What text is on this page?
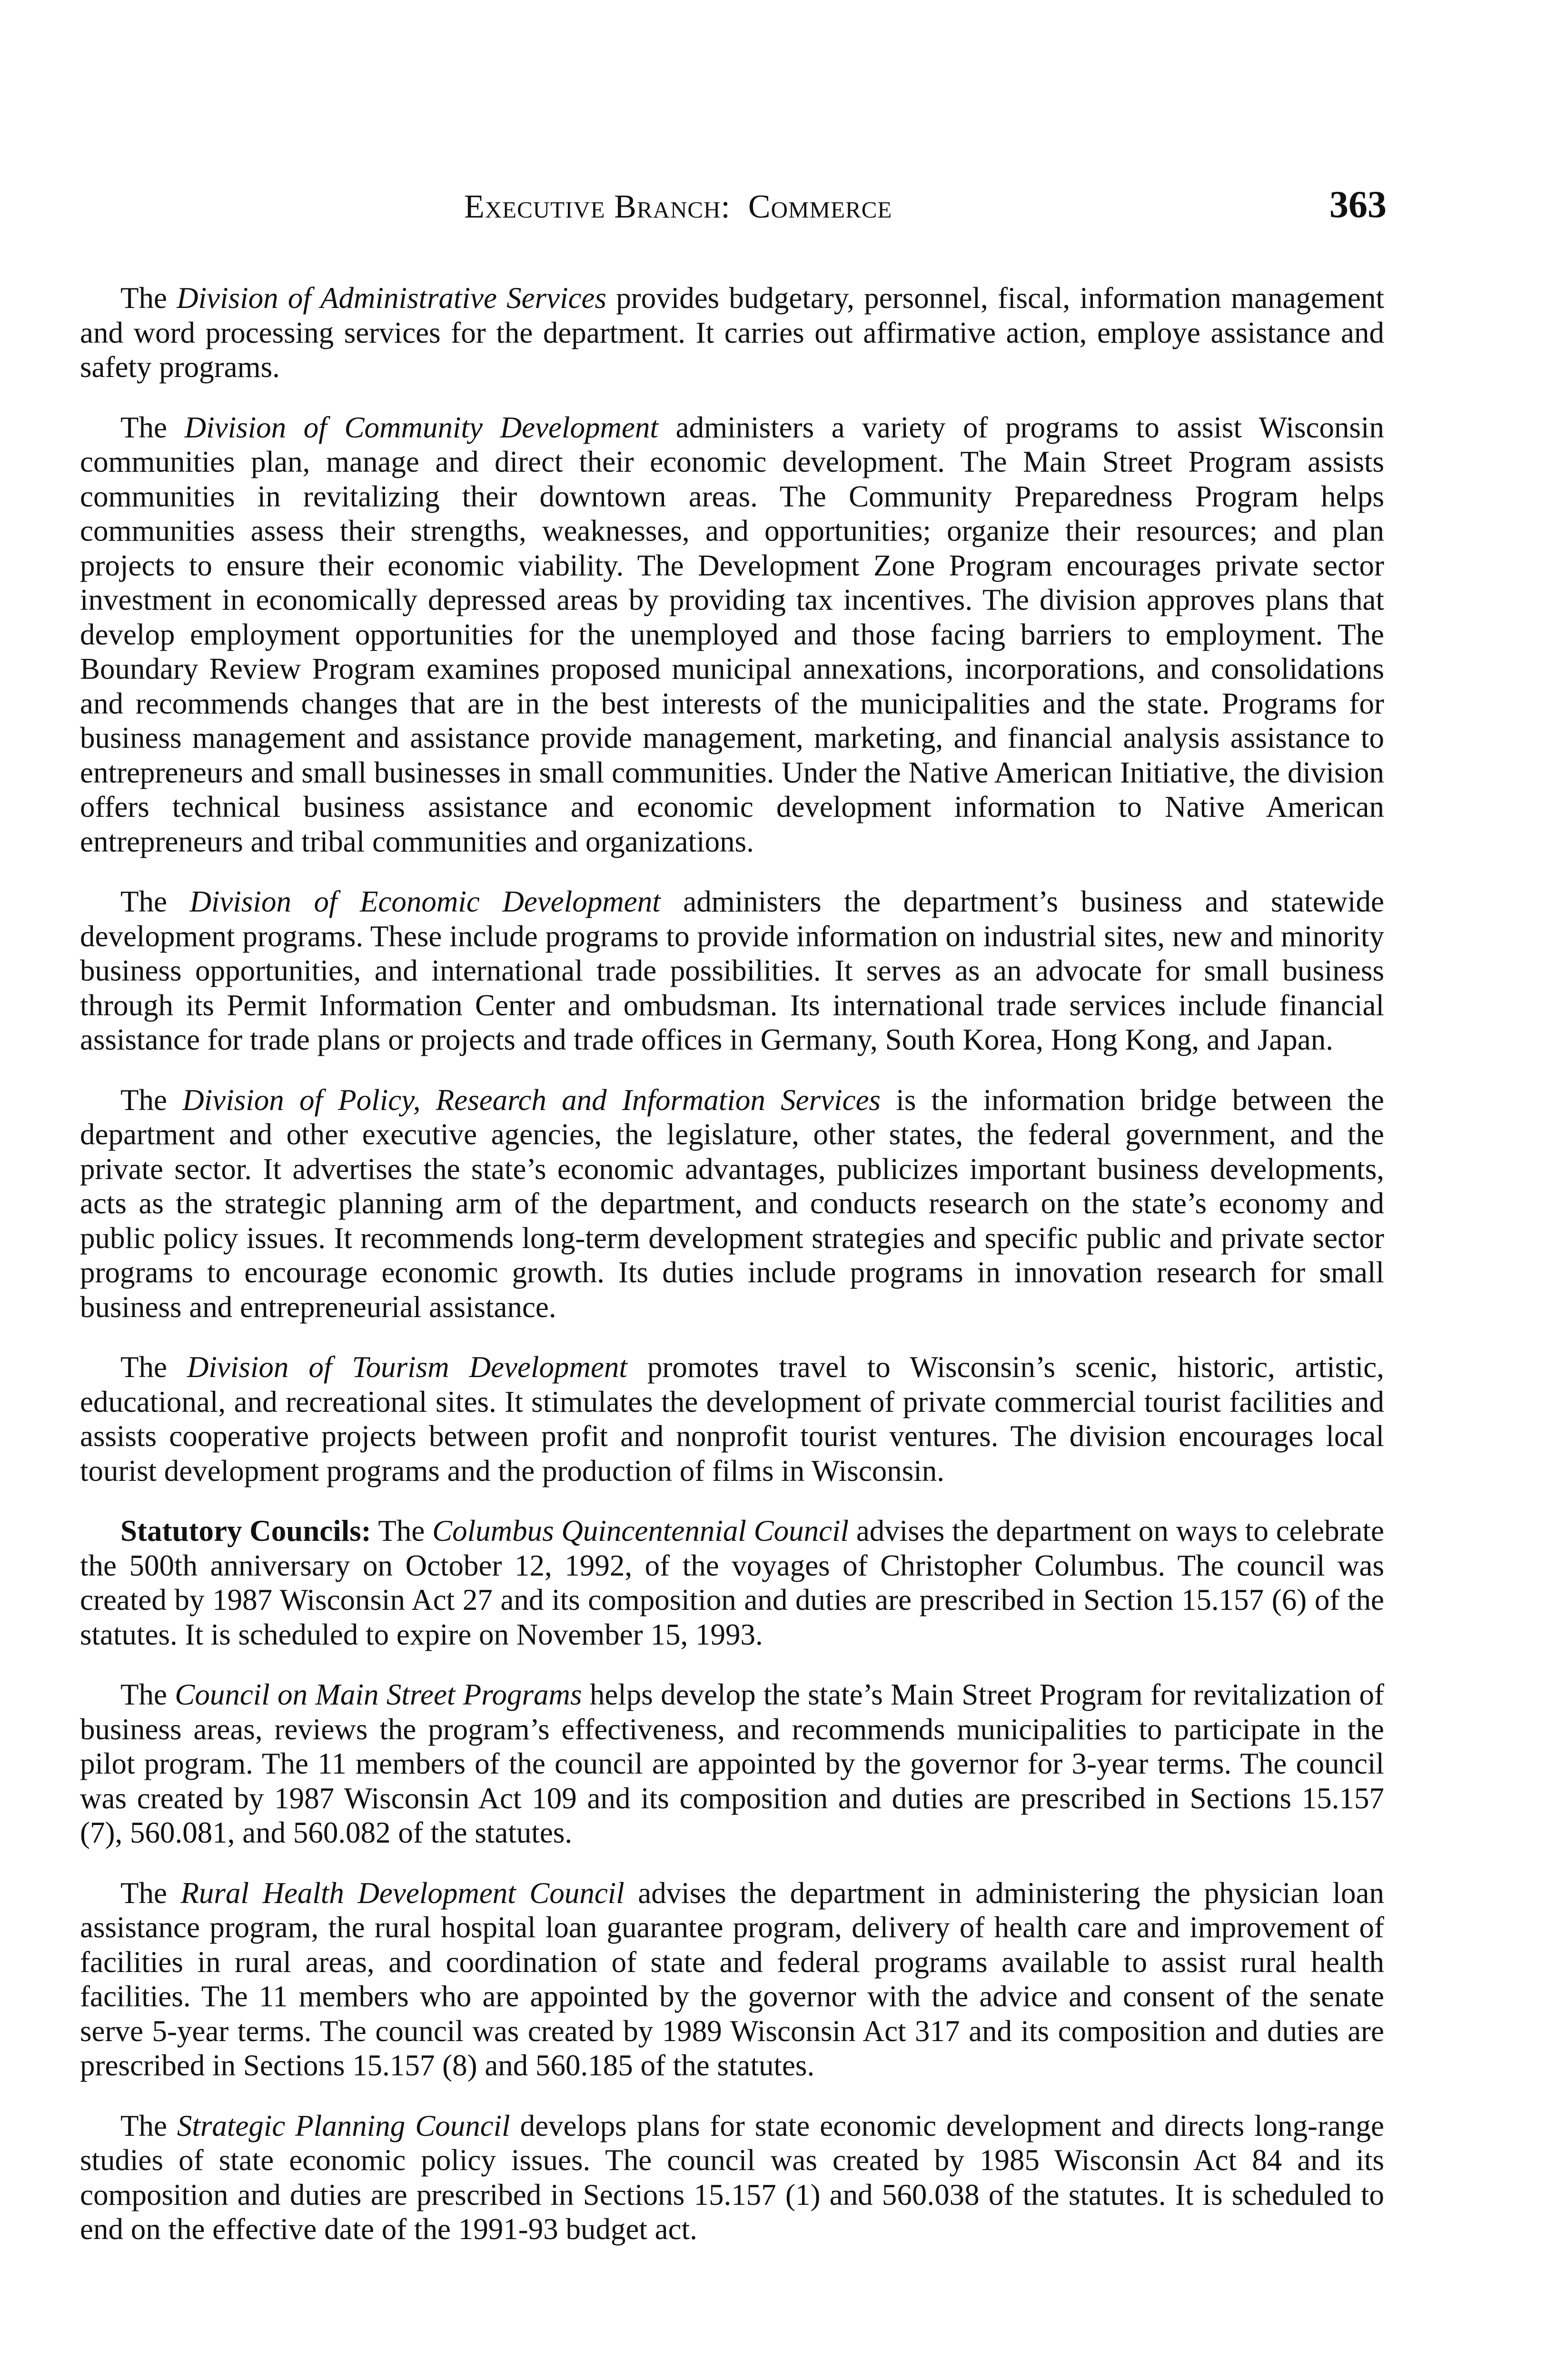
Executive Branch: Commerce	363

The Division of Administrative Services provides budgetary, personnel, fiscal, information management and word processing services for the department. It carries out affirmative action, employe assistance and safety programs.

The Division of Community Development administers a variety of programs to assist Wisconsin communities plan, manage and direct their economic development. The Main Street Program assists communities in revitalizing their downtown areas. The Community Preparedness Program helps communities assess their strengths, weaknesses, and opportunities; organize their resources; and plan projects to ensure their economic viability. The Development Zone Program encourages private sector investment in economically depressed areas by providing tax incentives. The division approves plans that develop employment opportunities for the unemployed and those facing barriers to employment. The Boundary Review Program examines proposed municipal annexations, incorporations, and consolidations and recommends changes that are in the best interests of the municipalities and the state. Programs for business management and assistance provide management, marketing, and financial analysis assistance to entrepreneurs and small businesses in small communities. Under the Native American Initiative, the division offers technical business assistance and economic development information to Native American entrepreneurs and tribal communities and organizations.

The Division of Economic Development administers the department’s business and statewide development programs. These include programs to provide information on industrial sites, new and minority business opportunities, and international trade possibilities. It serves as an advocate for small business through its Permit Information Center and ombudsman. Its international trade services include financial assistance for trade plans or projects and trade offices in Germany, South Korea, Hong Kong, and Japan.

The Division of Policy, Research and Information Services is the information bridge between the department and other executive agencies, the legislature, other states, the federal government, and the private sector. It advertises the state’s economic advantages, publicizes important business developments, acts as the strategic planning arm of the department, and conducts research on the state’s economy and public policy issues. It recommends long-term development strategies and specific public and private sector programs to encourage economic growth. Its duties include programs in innovation research for small business and entrepreneurial assistance.

The Division of Tourism Development promotes travel to Wisconsin’s scenic, historic, artistic, educational, and recreational sites. It stimulates the development of private commercial tourist facilities and assists cooperative projects between profit and nonprofit tourist ventures. The division encourages local tourist development programs and the production of films in Wisconsin.

Statutory Councils: The Columbus Quincentennial Council advises the department on ways to celebrate the 500th anniversary on October 12, 1992, of the voyages of Christopher Columbus. The council was created by 1987 Wisconsin Act 27 and its composition and duties are prescribed in Section 15.157 (6) of the statutes. It is scheduled to expire on November 15, 1993.

The Council on Main Street Programs helps develop the state’s Main Street Program for revitalization of business areas, reviews the program’s effectiveness, and recommends municipalities to participate in the pilot program. The 11 members of the council are appointed by the governor for 3-year terms. The council was created by 1987 Wisconsin Act 109 and its composition and duties are prescribed in Sections 15.157 (7), 560.081, and 560.082 of the statutes.

The Rural Health Development Council advises the department in administering the physician loan assistance program, the rural hospital loan guarantee program, delivery of health care and improvement of facilities in rural areas, and coordination of state and federal programs available to assist rural health facilities. The 11 members who are appointed by the governor with the advice and consent of the senate serve 5-year terms. The council was created by 1989 Wisconsin Act 317 and its composition and duties are prescribed in Sections 15.157 (8) and 560.185 of the statutes.

The Strategic Planning Council develops plans for state economic development and directs long-range studies of state economic policy issues. The council was created by 1985 Wisconsin Act 84 and its composition and duties are prescribed in Sections 15.157 (1) and 560.038 of the statutes. It is scheduled to end on the effective date of the 1991-93 budget act.
